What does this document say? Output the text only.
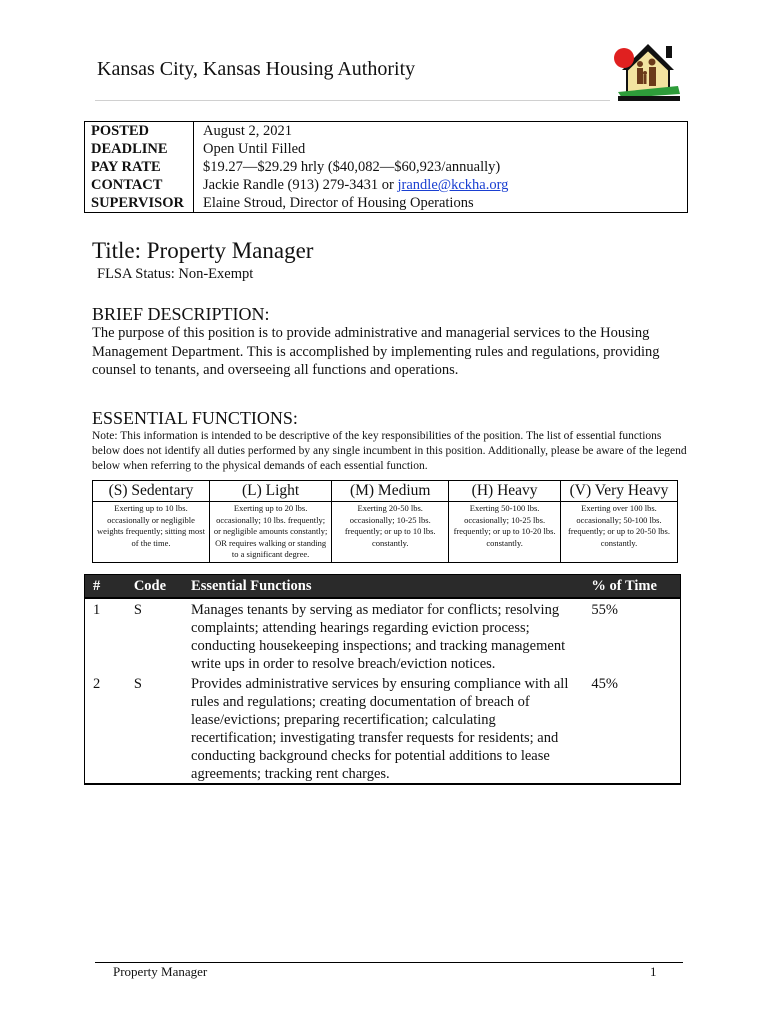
Kansas City, Kansas Housing Authority
POSTED	August 2, 2021
DEADLINE	Open Until Filled
PAY RATE	$19.27—$29.29 hrly ($40,082—$60,923/annually)
CONTACT	Jackie Randle (913) 279-3431 or jrandle@kckha.org
SUPERVISOR	Elaine Stroud, Director of Housing Operations
Title: Property Manager
FLSA Status: Non-Exempt
BRIEF DESCRIPTION:
The purpose of this position is to provide administrative and managerial services to the Housing Management Department. This is accomplished by implementing rules and regulations, providing counsel to tenants, and overseeing all functions and operations.
ESSENTIAL FUNCTIONS:
Note: This information is intended to be descriptive of the key responsibilities of the position. The list of essential functions below does not identify all duties performed by any single incumbent in this position. Additionally, please be aware of the legend below when referring to the physical demands of each essential function.
(S) Sedentary	(L) Light	(M) Medium	(H) Heavy	(V) Very Heavy
Exerting up to 10 lbs. occasionally or negligible weights frequently; sitting most of the time.	Exerting up to 20 lbs. occasionally; 10 lbs. frequently; or negligible amounts constantly; OR requires walking or standing to a significant degree.	Exerting 20-50 lbs. occasionally; 10-25 lbs. frequently; or up to 10 lbs. constantly.	Exerting 50-100 lbs. occasionally; 10-25 lbs. frequently; or up to 10-20 lbs. constantly.	Exerting over 100 lbs. occasionally; 50-100 lbs. frequently; or up to 20-50 lbs. constantly.
#	Code	Essential Functions	% of Time
1	S	Manages tenants by serving as mediator for conflicts; resolving complaints; attending hearings regarding eviction process; conducting housekeeping inspections; and tracking management write ups in order to resolve breach/eviction notices.	55%
2	S	Provides administrative services by ensuring compliance with all rules and regulations; creating documentation of breach of lease/evictions; preparing recertification; calculating recertification; investigating transfer requests for residents; and conducting background checks for potential additions to lease agreements; tracking rent charges.	45%
Property Manager	1
